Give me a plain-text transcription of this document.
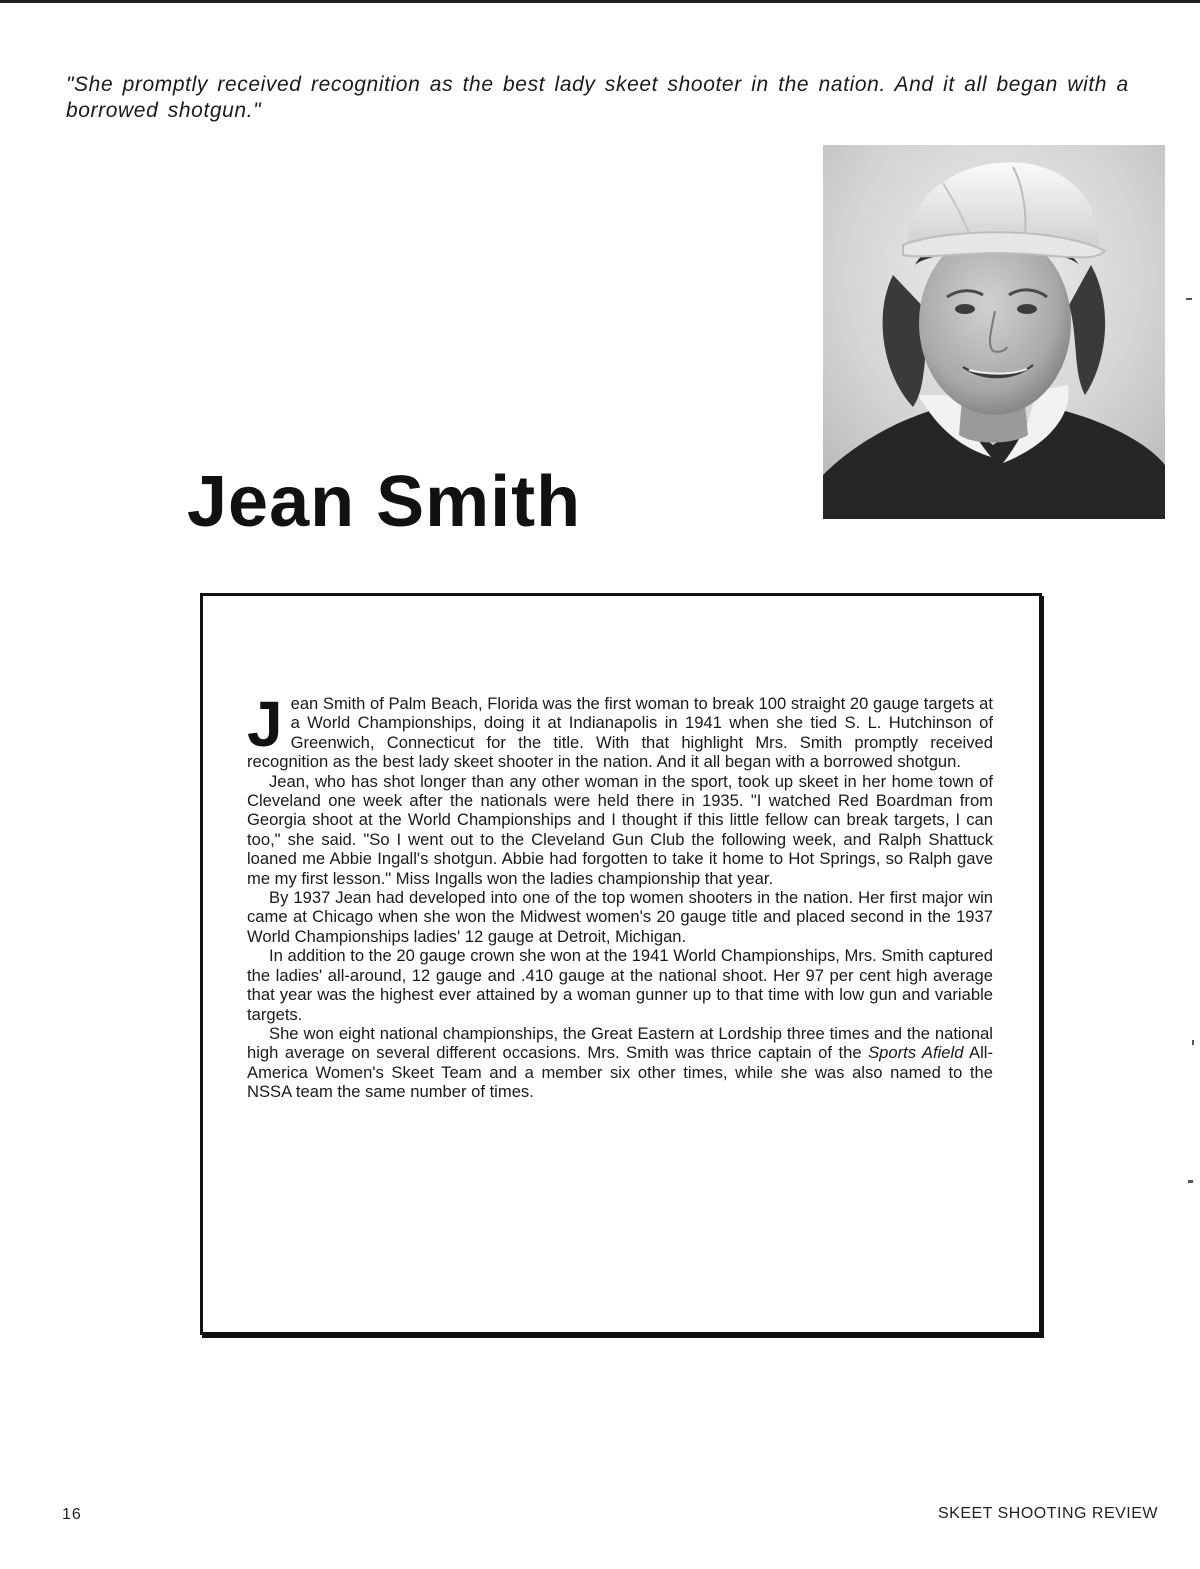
"She promptly received recognition as the best lady skeet shooter in the nation. And it all began with a borrowed shotgun."

Jean Smith

Jean Smith of Palm Beach, Florida was the first woman to break 100 straight 20 gauge targets at a World Championships, doing it at Indianapolis in 1941 when she tied S. L. Hutchinson of Greenwich, Connecticut for the title. With that highlight Mrs. Smith promptly received recognition as the best lady skeet shooter in the nation. And it all began with a borrowed shotgun.

Jean, who has shot longer than any other woman in the sport, took up skeet in her home town of Cleveland one week after the nationals were held there in 1935. "I watched Red Boardman from Georgia shoot at the World Championships and I thought if this little fellow can break targets, I can too," she said. "So I went out to the Cleveland Gun Club the following week, and Ralph Shattuck loaned me Abbie Ingall's shotgun. Abbie had forgotten to take it home to Hot Springs, so Ralph gave me my first lesson." Miss Ingalls won the ladies championship that year.

By 1937 Jean had developed into one of the top women shooters in the nation. Her first major win came at Chicago when she won the Midwest women's 20 gauge title and placed second in the 1937 World Championships ladies' 12 gauge at Detroit, Michigan.

In addition to the 20 gauge crown she won at the 1941 World Championships, Mrs. Smith captured the ladies' all-around, 12 gauge and .410 gauge at the national shoot. Her 97 per cent high average that year was the highest ever attained by a woman gunner up to that time with low gun and variable targets.

She won eight national championships, the Great Eastern at Lordship three times and the national high average on several different occasions. Mrs. Smith was thrice captain of the Sports Afield All-America Women's Skeet Team and a member six other times, while she was also named to the NSSA team the same number of times.

16	SKEET SHOOTING REVIEW
